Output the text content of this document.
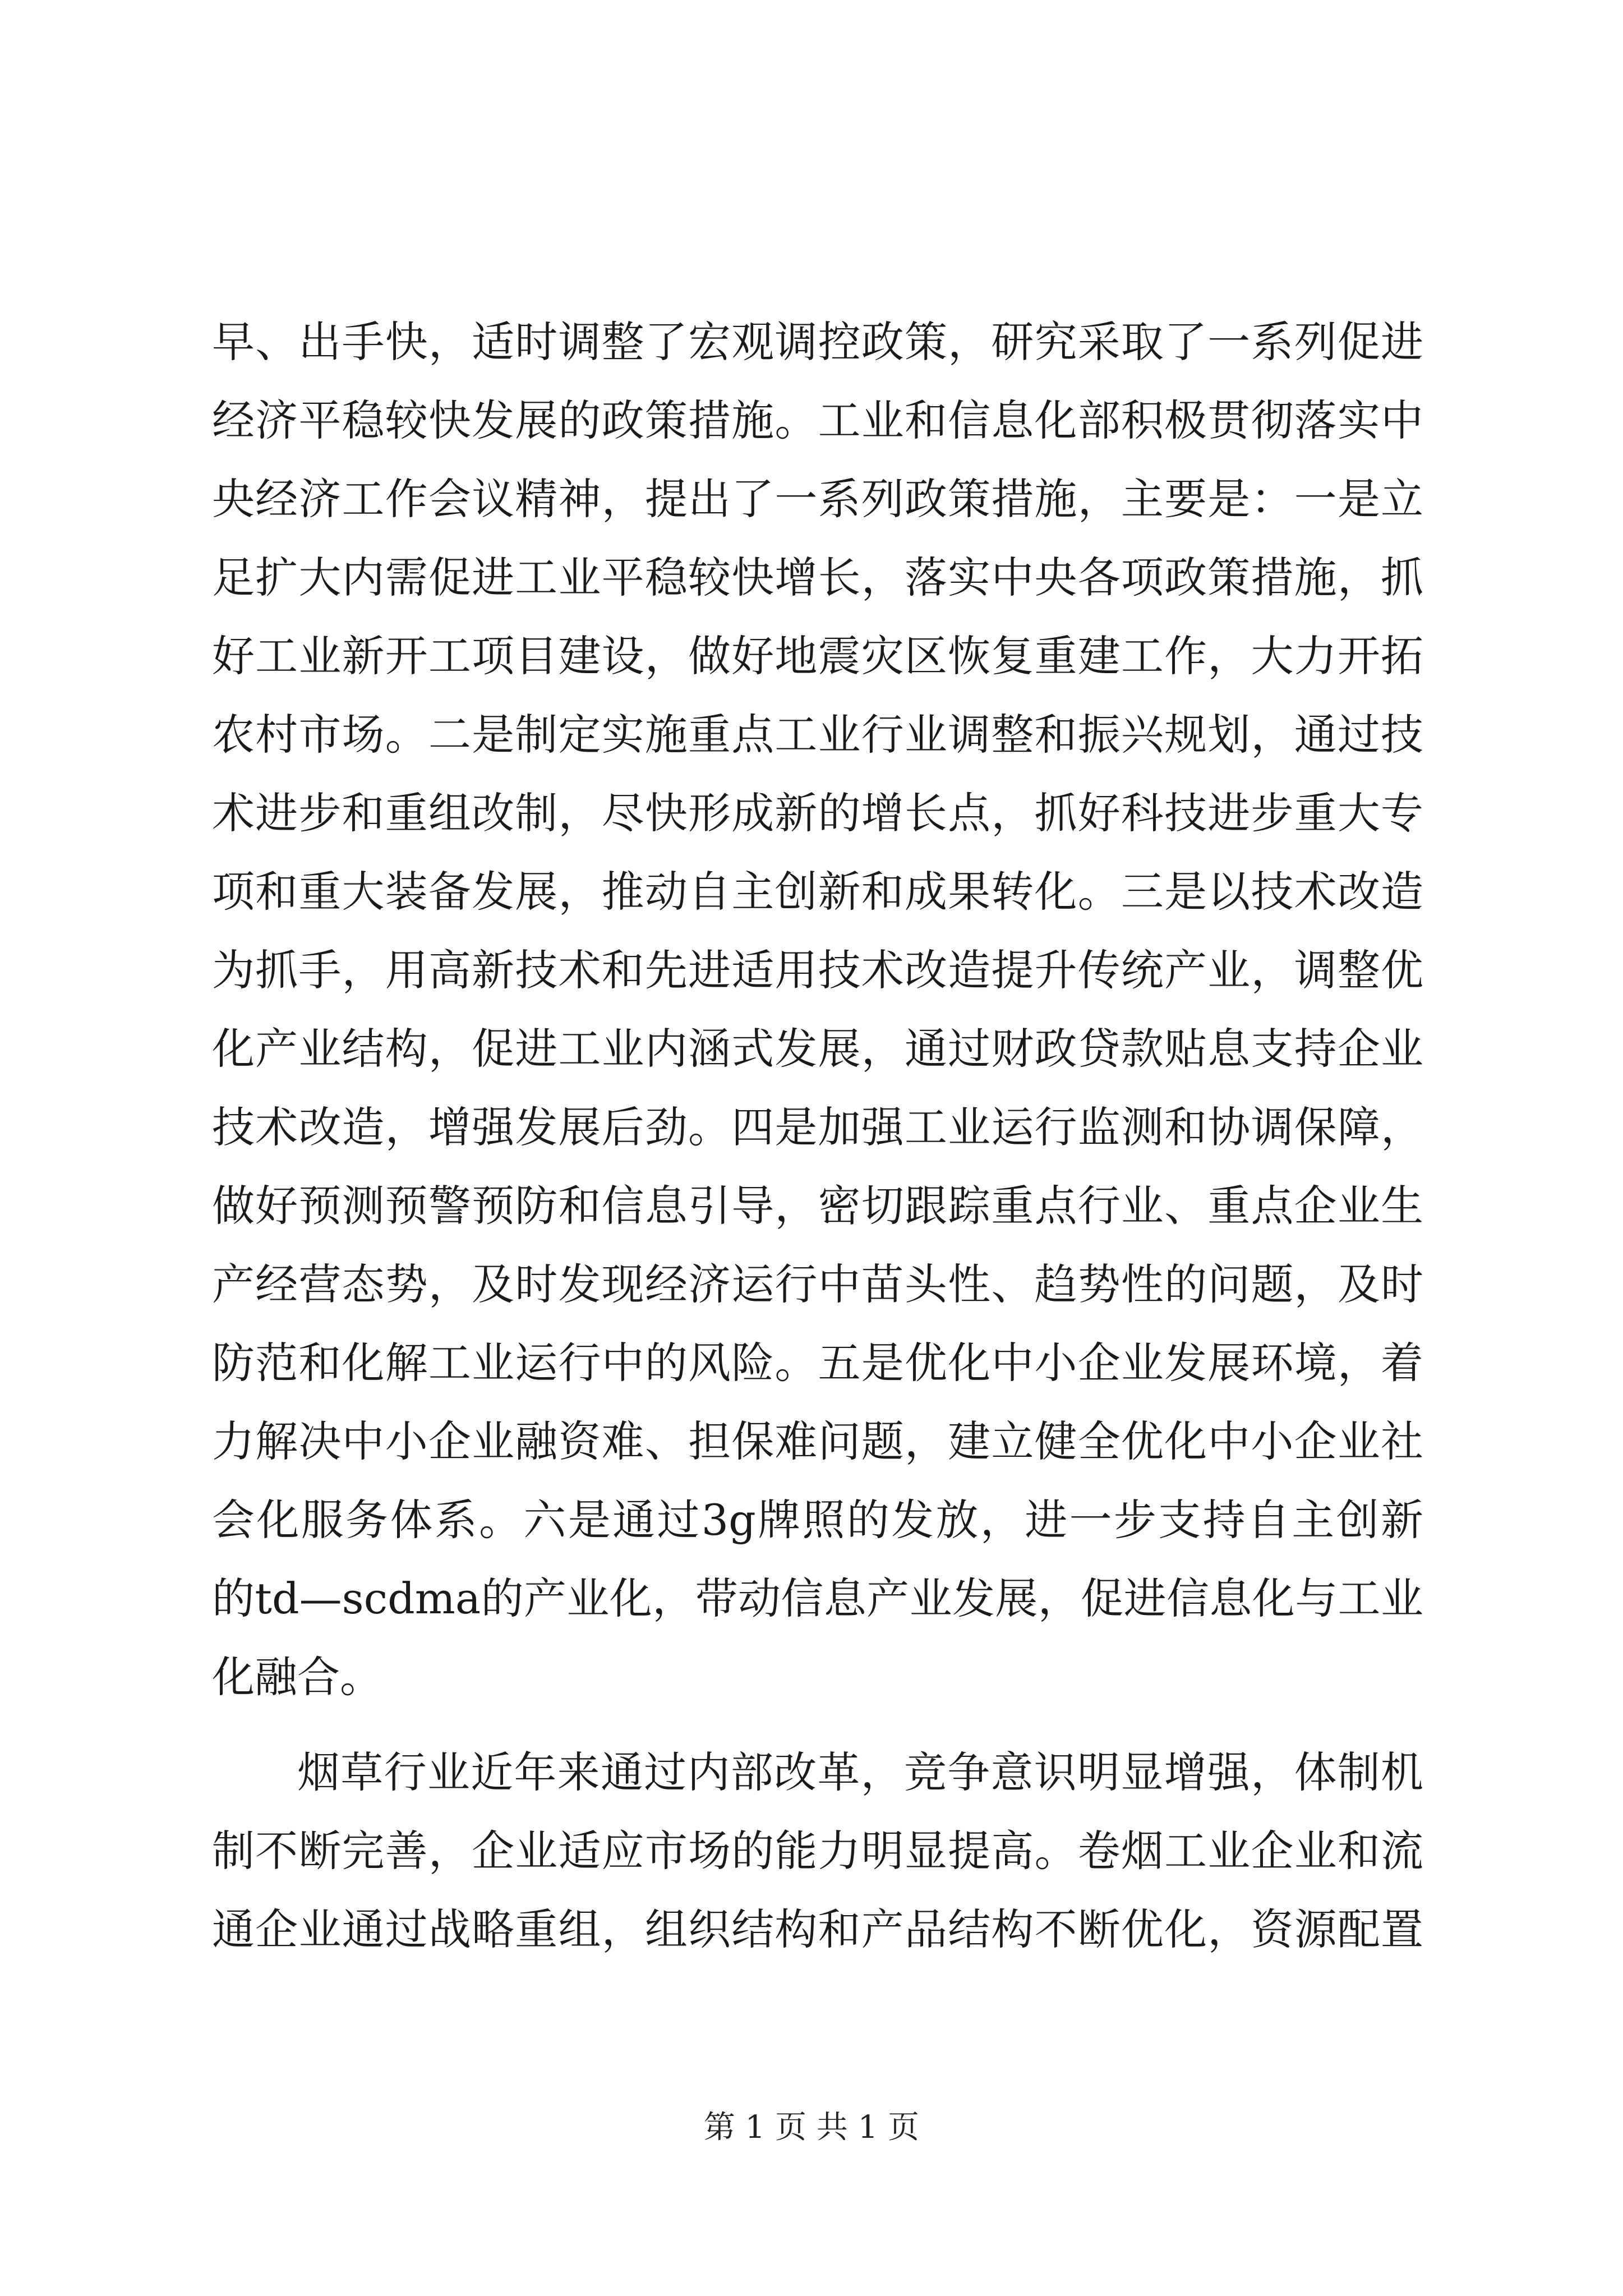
早、出手快，适时调整了宏观调控政策，研究采取了一系列促进
经济平稳较快发展的政策措施。工业和信息化部积极贯彻落实中
央经济工作会议精神，提出了一系列政策措施，主要是：一是立
足扩大内需促进工业平稳较快增长，落实中央各项政策措施，抓
好工业新开工项目建设，做好地震灾区恢复重建工作，大力开拓
农村市场。二是制定实施重点工业行业调整和振兴规划，通过技
术进步和重组改制，尽快形成新的增长点，抓好科技进步重大专
项和重大装备发展，推动自主创新和成果转化。三是以技术改造
为抓手，用高新技术和先进适用技术改造提升传统产业，调整优
化产业结构，促进工业内涵式发展，通过财政贷款贴息支持企业
技术改造，增强发展后劲。四是加强工业运行监测和协调保障，
做好预测预警预防和信息引导，密切跟踪重点行业、重点企业生
产经营态势，及时发现经济运行中苗头性、趋势性的问题，及时
防范和化解工业运行中的风险。五是优化中小企业发展环境，着
力解决中小企业融资难、担保难问题，建立健全优化中小企业社
会化服务体系。六是通过3g牌照的发放，进一步支持自主创新
的td—scdma的产业化，带动信息产业发展，促进信息化与工业
化融合。
烟草行业近年来通过内部改革，竞争意识明显增强，体制机
制不断完善，企业适应市场的能力明显提高。卷烟工业企业和流
通企业通过战略重组，组织结构和产品结构不断优化，资源配置
第 1 页 共 1 页
